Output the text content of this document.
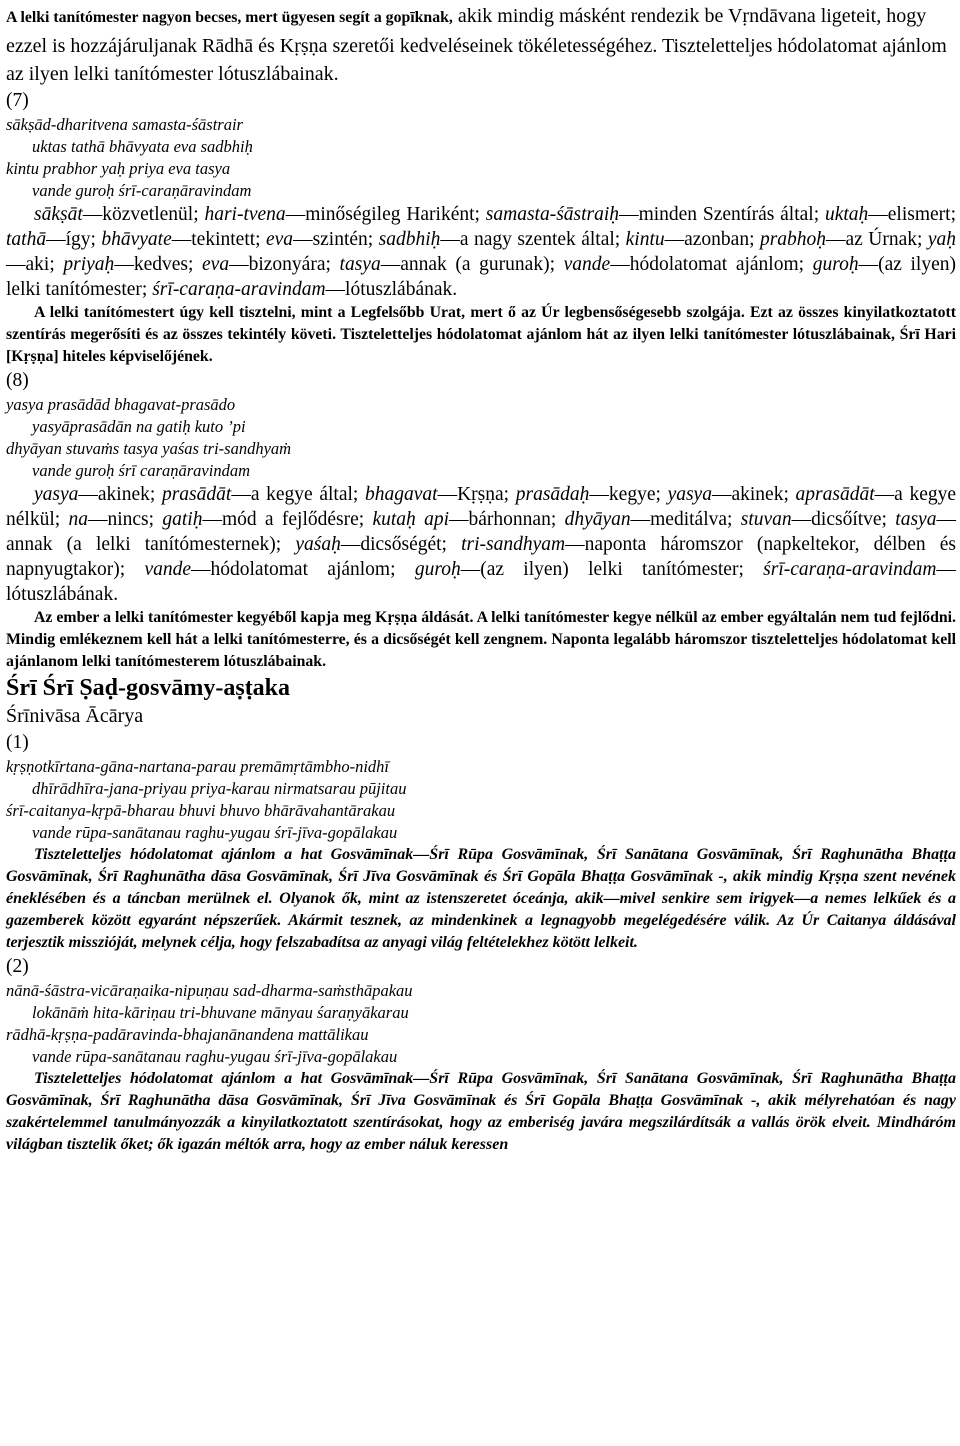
A lelki tanítómester nagyon becses, mert ügyesen segít a gopīknak, akik mindig másként rendezik be Vṛndāvana ligeteit, hogy ezzel is hozzájáruljanak Rādhā és Kṛṣṇa szeretői kedveléseinek tökéletességéhez. Tiszteletteljes hódolatomat ajánlom az ilyen lelki tanítómester lótuszlábainak.

(7)

sākṣād-dharitvena samasta-śāstrair
uktas tathā bhāvyata eva sadbhiḥ
kintu prabhor yaḥ priya eva tasya
vande guroḥ śrī-caraṇāravindam

sākṣāt—közvetlenül; hari-tvena—minőségileg Hariként; samasta-śāstraiḥ—minden Szentírás által; uktaḥ—elismert; tathā—így; bhāvyate—tekintett; eva—szintén; sadbhiḥ—a nagy szentek által; kintu—azonban; prabhoḥ—az Úrnak; yaḥ—aki; priyaḥ—kedves; eva—bizonyára; tasya—annak (a gurunak); vande—hódolatomat ajánlom; guroḥ—(az ilyen) lelki tanítómester; śrī-caraṇa-aravindam—lótuszlábának.

A lelki tanítómestert úgy kell tisztelni, mint a Legfelsőbb Urat, mert ő az Úr legbensőségesebb szolgája. Ezt az összes kinyilatkoztatott szentírás megerősíti és az összes tekintély követi. Tiszteletteljes hódolatomat ajánlom hát az ilyen lelki tanítómester lótuszlábainak, Śrī Hari [Kṛṣṇa] hiteles képviselőjének.

(8)

yasya prasādād bhagavat-prasādo
yasyāprasādān na gatiḥ kuto ’pi
dhyāyan stuvaṁs tasya yaśas tri-sandhyaṁ
vande guroḥ śrī caraṇāravindam

yasya—akinek; prasādāt—a kegye által; bhagavat—Kṛṣṇa; prasādaḥ—kegye; yasya—akinek; aprasādāt—a kegye nélkül; na—nincs; gatiḥ—mód a fejlődésre; kutaḥ api—bárhonnan; dhyāyan—meditálva; stuvan—dicsőítve; tasya—annak (a lelki tanítómesternek); yaśaḥ—dicsőségét; tri-sandhyam—naponta háromszor (napkeltekor, délben és napnyugtakor); vande—hódolatomat ajánlom; guroḥ—(az ilyen) lelki tanítómester; śrī-caraṇa-aravindam—lótuszlábának.

Az ember a lelki tanítómester kegyéből kapja meg Kṛṣṇa áldását. A lelki tanítómester kegye nélkül az ember egyáltalán nem tud fejlődni. Mindig emlékeznem kell hát a lelki tanítómesterre, és a dicsőségét kell zengnem. Naponta legalább háromszor tiszteletteljes hódolatomat kell ajánlanom lelki tanítómesterem lótuszlábainak.

Śrī Śrī Ṣaḍ-gosvāmy-aṣṭaka

Śrīnivāsa Ācārya

(1)

kṛṣṇotkīrtana-gāna-nartana-parau premāmṛtāmbho-nidhī
dhīrādhīra-jana-priyau priya-karau nirmatsarau pūjitau
śrī-caitanya-kṛpā-bharau bhuvi bhuvo bhārāvahantārakau
vande rūpa-sanātanau raghu-yugau śrī-jīva-gopālakau

Tiszteletteljes hódolatomat ajánlom a hat Gosvāmīnak—Śrī Rūpa Gosvāmīnak, Śrī Sanātana Gosvāmīnak, Śrī Raghunātha Bhaṭṭa Gosvāmīnak, Śrī Raghunātha dāsa Gosvāmīnak, Śrī Jīva Gosvāmīnak és Śrī Gopāla Bhaṭṭa Gosvāmīnak -, akik mindig Kṛṣṇa szent nevének éneklésében és a táncban merülnek el. Olyanok ők, mint az istenszeretet óceánja, akik—mivel senkire sem irigyek—a nemes lelkűek és a gazemberek között egyaránt népszerűek. Akármit tesznek, az mindenkinek a legnagyobb megelégedésére válik. Az Úr Caitanya áldásával terjesztik misszióját, melynek célja, hogy felszabadítsa az anyagi világ feltételekhez kötött lelkeit.

(2)

nānā-śāstra-vicāraṇaika-nipuṇau sad-dharma-saṁsthāpakau
lokānāṁ hita-kāriṇau tri-bhuvane mānyau śaraṇyākarau
rādhā-kṛṣṇa-padāravinda-bhajanānandena mattālikau
vande rūpa-sanātanau raghu-yugau śrī-jīva-gopālakau

Tiszteletteljes hódolatomat ajánlom a hat Gosvāmīnak—Śrī Rūpa Gosvāmīnak, Śrī Sanātana Gosvāmīnak, Śrī Raghunātha Bhaṭṭa Gosvāmīnak, Śrī Raghunātha dāsa Gosvāmīnak, Śrī Jīva Gosvāmīnak és Śrī Gopāla Bhaṭṭa Gosvāmīnak -, akik mélyrehatóan és nagy szakértelemmel tanulmányozzák a kinyilatkoztatott szentírásokat, hogy az emberiség javára megszilárdítsák a vallás örök elveit. Mindháróm világban tisztelik őket; ők igazán méltók arra, hogy az ember náluk keressen
